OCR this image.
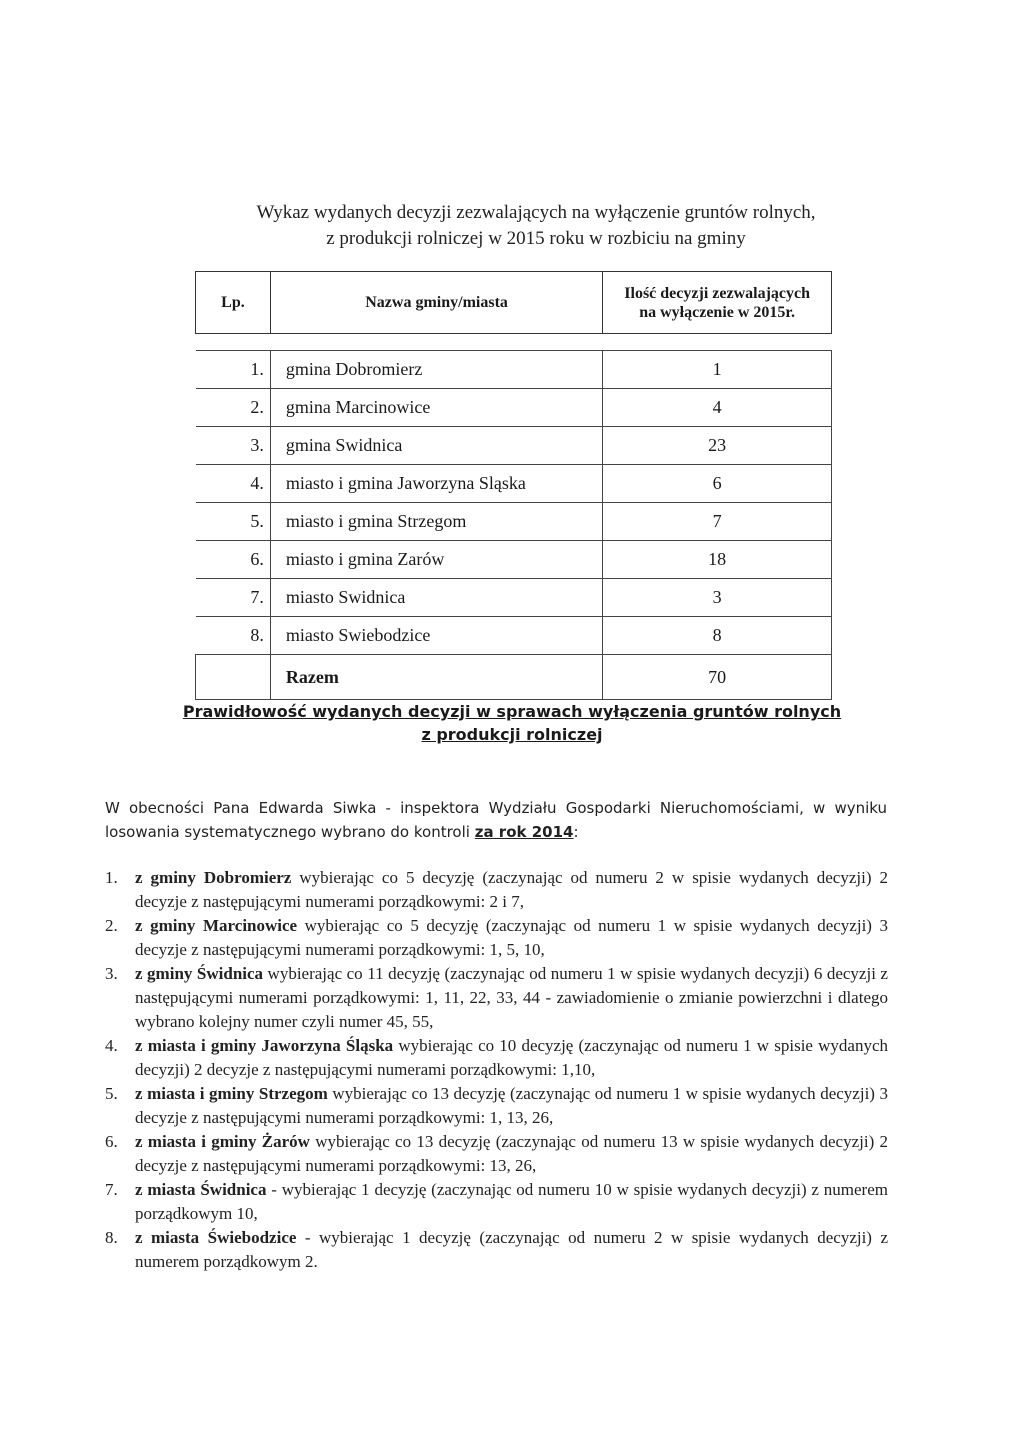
Wykaz wydanych decyzji zezwalających na wyłączenie gruntów rolnych,
z produkcji rolniczej w 2015 roku w rozbiciu na gminy
Lp.	Nazwa gminy/miasta	Ilość decyzji zezwalających
na wyłączenie w 2015r.

1.	gmina Dobromierz	1
2.	gmina Marcinowice	4
3.	gmina Swidnica	23
4.	miasto i gmina Jaworzyna Sląska	6
5.	miasto i gmina Strzegom	7
6.	miasto i gmina Zarów	18
7.	miasto Swidnica	3
8.	miasto Swiebodzice	8
	Razem	70
Prawidłowość wydanych decyzji w sprawach wyłączenia gruntów rolnych
z produkcji rolniczej
W obecności Pana Edwarda Siwka - inspektora Wydziału Gospodarki Nieruchomościami, w wyniku losowania systematycznego wybrano do kontroli za rok 2014:
1. z gminy Dobromierz wybierając co 5 decyzję (zaczynając od numeru 2 w spisie wydanych decyzji) 2 decyzje z następującymi numerami porządkowymi: 2 i 7,
2. z gminy Marcinowice wybierając co 5 decyzję (zaczynając od numeru 1 w spisie wydanych decyzji) 3 decyzje z następującymi numerami porządkowymi: 1, 5, 10,
3. z gminy Świdnica wybierając co 11 decyzję (zaczynając od numeru 1 w spisie wydanych decyzji) 6 decyzji z następującymi numerami porządkowymi: 1, 11, 22, 33, 44 - zawiadomienie o zmianie powierzchni i dlatego wybrano kolejny numer czyli numer 45, 55,
4. z miasta i gminy Jaworzyna Śląska wybierając co 10 decyzję (zaczynając od numeru 1 w spisie wydanych decyzji) 2 decyzje z następującymi numerami porządkowymi: 1,10,
5. z miasta i gminy Strzegom wybierając co 13 decyzję (zaczynając od numeru 1 w spisie wydanych decyzji) 3 decyzje z następującymi numerami porządkowymi: 1, 13, 26,
6. z miasta i gminy Żarów wybierając co 13 decyzję (zaczynając od numeru 13 w spisie wydanych decyzji) 2 decyzje z następującymi numerami porządkowymi: 13, 26,
7. z miasta Świdnica - wybierając 1 decyzję (zaczynając od numeru 10 w spisie wydanych decyzji) z numerem porządkowym 10,
8. z miasta Świebodzice - wybierając 1 decyzję (zaczynając od numeru 2 w spisie wydanych decyzji) z numerem porządkowym 2.
